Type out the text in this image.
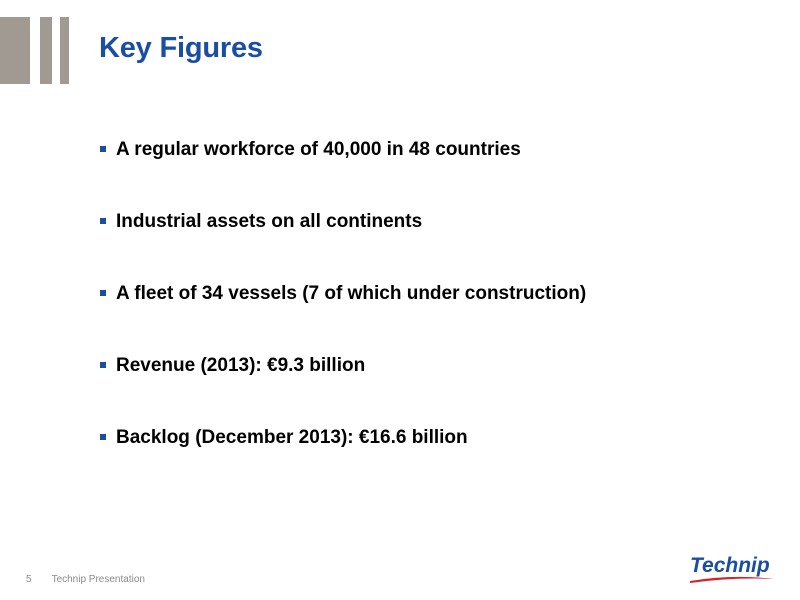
Key Figures
A regular workforce of 40,000 in 48 countries
Industrial assets on all continents
A fleet of 34 vessels (7 of which under construction)
Revenue (2013): €9.3 billion
Backlog (December 2013): €16.6 billion
5 Technip Presentation
Technip
